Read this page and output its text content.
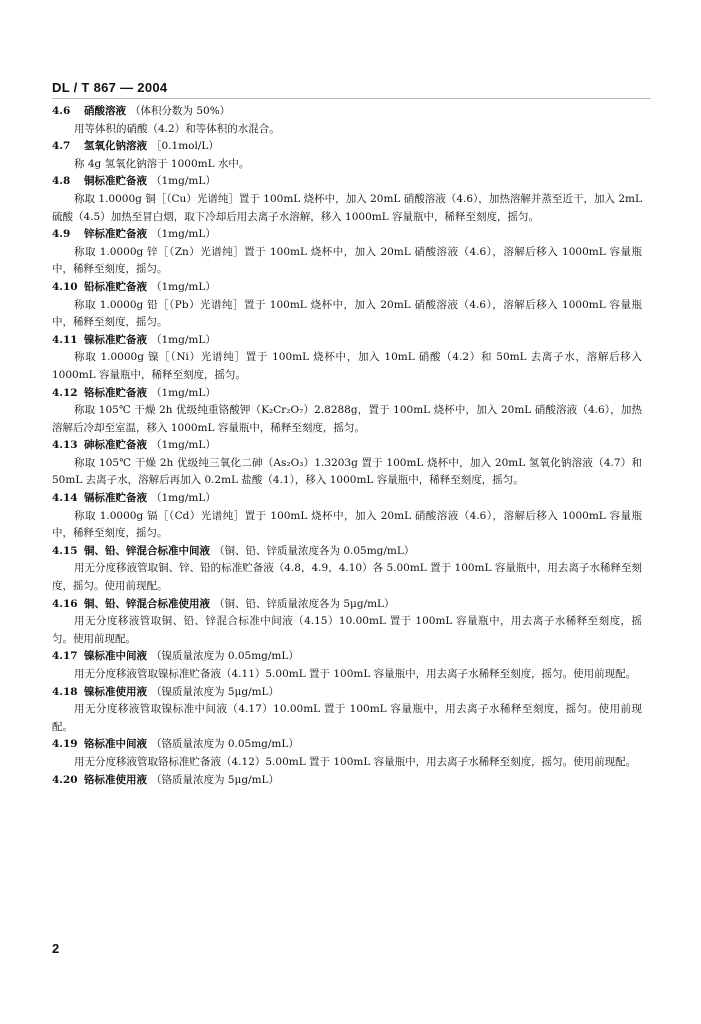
DL / T 867 — 2004
4.6	硝酸溶液 （体积分数为 50%）
用等体积的硝酸（4.2）和等体积的水混合。
4.7	氢氧化钠溶液 ［0.1mol/L）
称 4g 氢氧化钠溶于 1000mL 水中。
4.8	铜标准贮备液 （1mg/mL）
称取 1.0000g 铜［（Cu）光谱纯］置于 100mL 烧杯中，加入 20mL 硝酸溶液（4.6），加热溶解并蒸至近干，加入 2mL 硫酸（4.5）加热至冒白烟，取下冷却后用去离子水溶解，移入 1000mL 容量瓶中，稀释至刻度，摇匀。
4.9	锌标准贮备液 （1mg/mL）
称取 1.0000g 锌［（Zn）光谱纯］置于 100mL 烧杯中，加入 20mL 硝酸溶液（4.6），溶解后移入 1000mL 容量瓶中，稀释至刻度，摇匀。
4.10 铅标准贮备液 （1mg/mL）
称取 1.0000g 铅［（Pb）光谱纯］置于 100mL 烧杯中，加入 20mL 硝酸溶液（4.6），溶解后移入 1000mL 容量瓶中，稀释至刻度，摇匀。
4.11 镍标准贮备液 （1mg/mL）
称取 1.0000g 镍［（Ni）光谱纯］置于 100mL 烧杯中，加入 10mL 硝酸（4.2）和 50mL 去离子水，溶解后移入 1000mL 容量瓶中，稀释至刻度，摇匀。
4.12 铬标准贮备液 （1mg/mL）
称取 105℃ 干燥 2h 优级纯重铬酸钾（K₂Cr₂O₇）2.8288g，置于 100mL 烧杯中，加入 20mL 硝酸溶液（4.6），加热溶解后冷却至室温，移入 1000mL 容量瓶中，稀释至刻度，摇匀。
4.13 砷标准贮备液 （1mg/mL）
称取 105℃ 干燥 2h 优级纯三氧化二砷（As₂O₃）1.3203g 置于 100mL 烧杯中，加入 20mL 氢氧化钠溶液（4.7）和 50mL 去离子水，溶解后再加入 0.2mL 盐酸（4.1），移入 1000mL 容量瓶中，稀释至刻度，摇匀。
4.14 镉标准贮备液 （1mg/mL）
称取 1.0000g 镉［（Cd）光谱纯］置于 100mL 烧杯中，加入 20mL 硝酸溶液（4.6），溶解后移入 1000mL 容量瓶中，稀释至刻度，摇匀。
4.15 铜、铅、锌混合标准中间液 （铜、铅、锌质量浓度各为 0.05mg/mL）
用无分度移液管取铜、锌、铅的标准贮备液（4.8，4.9，4.10）各 5.00mL 置于 100mL 容量瓶中，用去离子水稀释至刻度，摇匀。使用前现配。
4.16 铜、铅、锌混合标准使用液 （铜、铅、锌质量浓度各为 5μg/mL）
用无分度移液管取铜、铅、锌混合标准中间液（4.15）10.00mL 置于 100mL 容量瓶中，用去离子水稀释至刻度，摇匀。使用前现配。
4.17 镍标准中间液 （镍质量浓度为 0.05mg/mL）
用无分度移液管取镍标准贮备液（4.11）5.00mL 置于 100mL 容量瓶中，用去离子水稀释至刻度，摇匀。使用前现配。
4.18 镍标准使用液 （镍质量浓度为 5μg/mL）
用无分度移液管取镍标准中间液（4.17）10.00mL 置于 100mL 容量瓶中，用去离子水稀释至刻度，摇匀。使用前现配。
4.19 铬标准中间液 （铬质量浓度为 0.05mg/mL）
用无分度移液管取铬标准贮备液（4.12）5.00mL 置于 100mL 容量瓶中，用去离子水稀释至刻度，摇匀。使用前现配。
4.20 铬标准使用液 （铬质量浓度为 5μg/mL）
2
